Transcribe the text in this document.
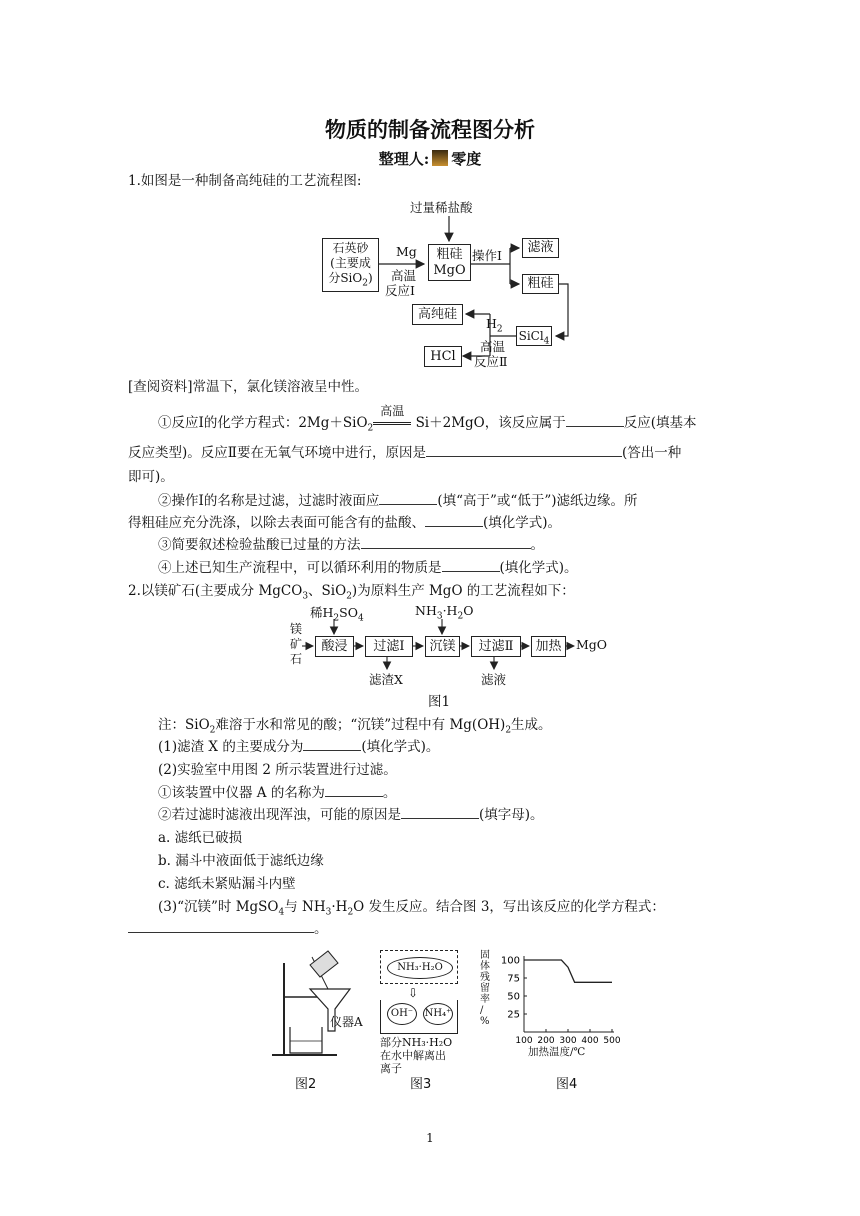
物质的制备流程图分析
整理人: 零度
1.如图是一种制备高纯硅的工艺流程图:
过量稀盐酸
石英砂
(主要成
分SiO$_2$)
Mg
高温
反应Ⅰ
粗硅
MgO
操作Ⅰ
滤液
粗硅
高纯硅
$H_2$ SiCl$_4$
高温
反应Ⅱ
HCl
[查阅资料]常温下，氯化镁溶液呈中性。
①反应Ⅰ的化学方程式：2Mg＋SiO$_2$
高温
Si＋2MgO，该反应属于	反应(填基本
反应类型)。反应Ⅱ要在无氧气环境中进行，原因是	(答出一种
即可)。
②操作Ⅰ的名称是过滤，过滤时液面应	(填“高于”或“低于”)滤纸边缘。所
得粗硅应充分洗涤，以除去表面可能含有的盐酸、	(填化学式)。
③简要叙述检验盐酸已过量的方法	。
④上述已知生产流程中，可以循环利用的物质是	(填化学式)。
2.以镁矿石(主要成分 MgCO$_3$、SiO$_2$)为原料生产 MgO 的工艺流程如下：
稀$H_2SO_4$
$NH_3\cdot H_2O$
镁
矿
石
酸浸	过滤Ⅰ	沉镁	过滤Ⅱ	加热	MgO
滤渣X	滤液
图1
注：SiO$_2$难溶于水和常见的酸；“沉镁”过程中有 $Mg(OH)_2$生成。
(1)滤渣 X 的主要成分为	(填化学式)。
(2)实验室中用图 2 所示装置进行过滤。
①该装置中仪器 A 的名称为	。
②若过滤时滤液出现浑浊，可能的原因是	(填字母)。
a. 滤纸已破损
b. 漏斗中液面低于滤纸边缘
c. 滤纸未紧贴漏斗内壁
(3)“沉镁”时 MgSO$_4$与 $NH_3\cdot H_2O$ 发生反应。结合图 3，写出该反应的化学方程式：
。
仪器A
图2
NH₃·H₂O
⇩
OH⁻	NH₄⁺
部分NH₃·H₂O
在水中解离出
离子
图3
固
体
残
留
率
/
%
25
50
75
100
100 200 300 400 500
加热温度/℃
图4
1
